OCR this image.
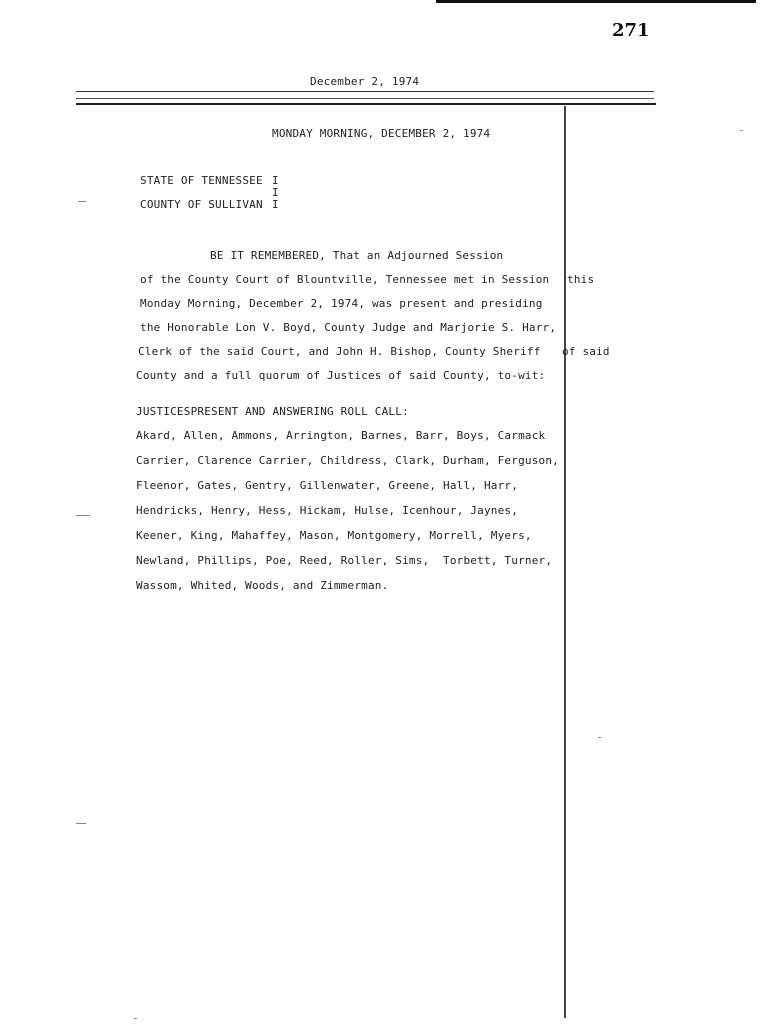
271
December 2, 1974
MONDAY MORNING, DECEMBER 2, 1974
STATE OF TENNESSEE I
I
COUNTY OF SULLIVAN I
BE IT REMEMBERED, That an Adjourned Session
of the County Court of Blountville, Tennessee met in Session this
Monday Morning, December 2, 1974, was present and presiding
the Honorable Lon V. Boyd, County Judge and Marjorie S. Harr,
Clerk of the said Court, and John H. Bishop, County Sheriff of said
County and a full quorum of Justices of said County, to-wit:
JUSTICESPRESENT AND ANSWERING ROLL CALL:
Akard, Allen, Ammons, Arrington, Barnes, Barr, Boys, Carmack
Carrier, Clarence Carrier, Childress, Clark, Durham, Ferguson,
Fleenor, Gates, Gentry, Gillenwater, Greene, Hall, Harr,
Hendricks, Henry, Hess, Hickam, Hulse, Icenhour, Jaynes,
Keener, King, Mahaffey, Mason, Montgomery, Morrell, Myers,
Newland, Phillips, Poe, Reed, Roller, Sims,  Torbett, Turner,
Wassom, Whited, Woods, and Zimmerman.
